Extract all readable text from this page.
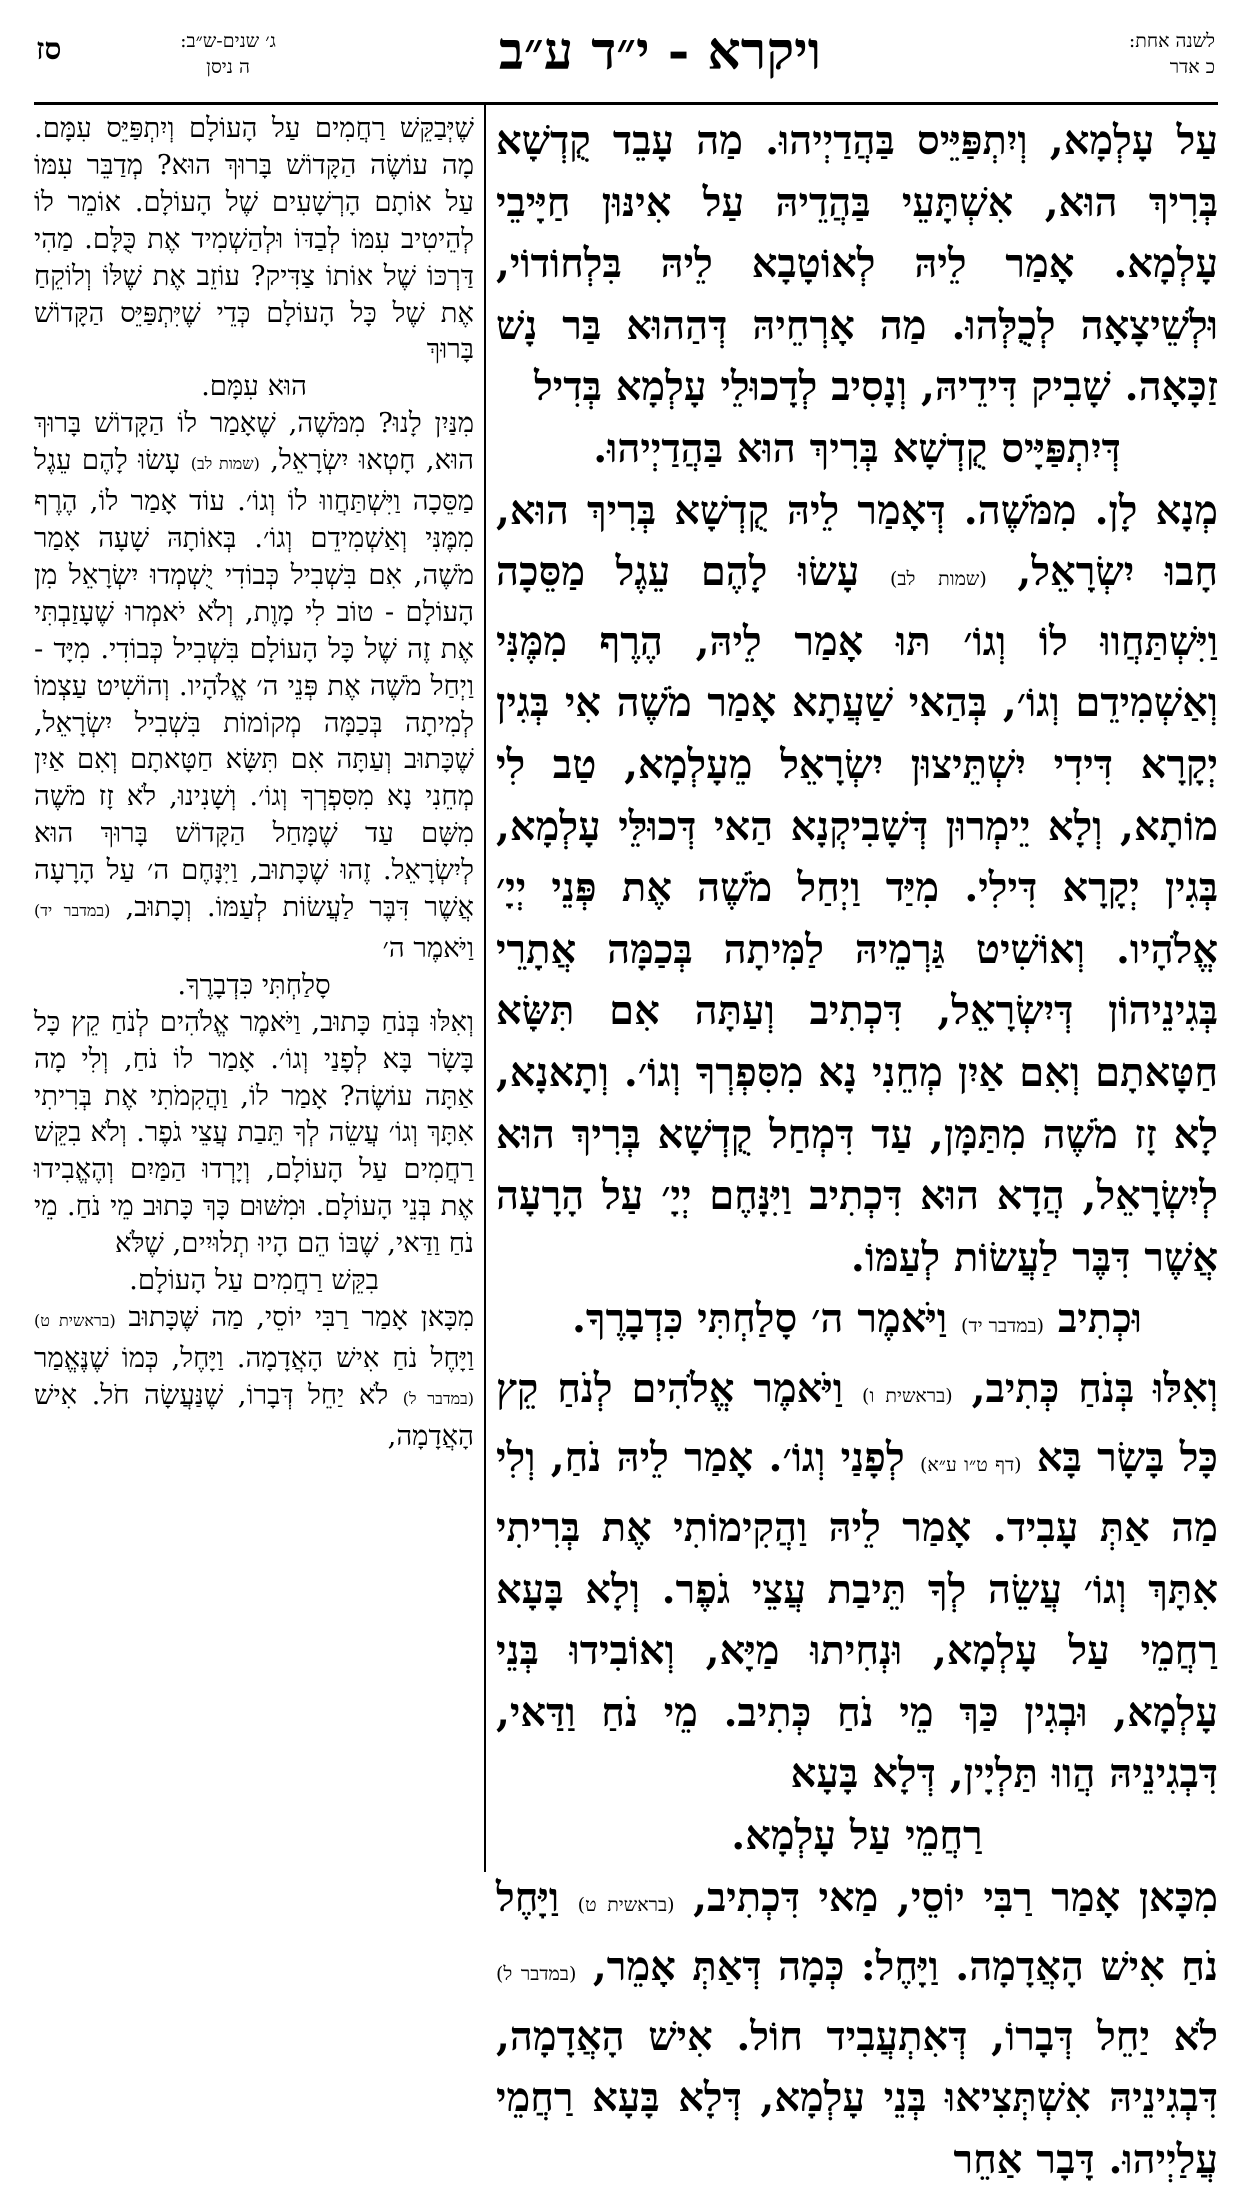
לשנה אחת:
כ אדר
ויקרא - י״ד ע״ב
ג׳ שנים-ש״ב:
ה ניסן
סז

עַל עָלְמָא, וְיִתְפַּיֵּיס בַּהֲדַיְיהוּ. מַה עָבֵד קֻדְשָׁא בְּרִיךְ הוּא, אִשְׁתָּעֵי בַּהֲדֵיהּ עַל אִינּוּן חַיָּיבֵי עָלְמָא. אָמַר לֵיהּ לְאוֹטָבָא לֵיהּ בִּלְחוֹדוֹי, וּלְשֵׁיצָאָה לְכֻלְּהוּ. מַה אָרְחֵיהּ דְּהַהוּא בַּר נָשׁ זַכָּאָה. שָׁבִיק דִּידֵיהּ, וְנָסִיב לְדָכוּלֵי עָלְמָא בְּדִיל

דְּיִתְפַּיָּיס קֻדְשָׁא בְּרִיךְ הוּא בַּהֲדַיְיהוּ.

מְנָא לָן. מִמֹּשֶׁה. דְּאָמַר לֵיהּ קֻדְשָׁא בְּרִיךְ הוּא, חָבוּ יִשְׂרָאֵל, (שמות לב) עָשׂוּ לָהֶם עֵגֶל מַסֵּכָה וַיִּשְׁתַּחֲווּ לוֹ וְגוֹ׳ תּוּ אָמַר לֵיהּ, הֶרֶף מִמֶּנִּי וְאַשְׁמִידֵם וְגוֹ׳, בְּהַאי שַׁעֲתָא אָמַר מֹשֶׁה אִי בְּגִין יְקָרָא דִּידִי יִשְׁתֵּיצוּן יִשְׂרָאֵל מֵעָלְמָא, טַב לִי מוֹתָא, וְלָא יֵימְרוּן דְּשָׁבִיקְנָא הַאי דְּכוּלֵּי עָלְמָא, בְּגִין יְקָרָא דִּילִי. מִיַּד וַיְחַל מֹשֶׁה אֶת פְּנֵי יְיָ׳ אֱלֹהָיו. וְאוֹשִׁיט גַּרְמֵיהּ לַמִּיתָה בְּכַמָּה אֲתָרֵי בְּגִינֵיהוֹן דְּיִשְׂרָאֵל, דִּכְתִיב וְעַתָּה אִם תִּשָּׂא חַטָּאתָם וְאִם אַיִן מְחֵנִי נָא מִסִּפְרְךָ וְגוֹ׳. וְתָאנָא, לָא זָז מֹשֶׁה מִתַּמָּן, עַד דִּמְחַל קֻדְשָׁא בְּרִיךְ הוּא לְיִשְׂרָאֵל, הֲדָא הוּא דִּכְתִיב וַיִּנָּחֶם יְיָ׳ עַל הָרָעָה אֲשֶׁר דִּבֶּר לַעֲשׂוֹת לְעַמּוֹ.

וּכְתִיב (במדבר יד) וַיֹּאמֶר ה׳ סָלַחְתִּי כִּדְבָרֶךָ.

וְאִלּוּ בְּנֹחַ כְּתִיב, (בראשית ו) וַיֹּאמֶר אֱלֹהִים לְנֹחַ קֵץ כָּל בָּשָׂר בָּא (דף ט״ו ע״א) לְפָנַי וְגוֹ׳. אָמַר לֵיהּ נֹחַ, וְלִי מַה אַתְּ עָבִיד. אָמַר לֵיהּ וַהֲקִימוֹתִי אֶת בְּרִיתִי אִתָּךְ וְגוֹ׳ עֲשֵׂה לְךָ תֵּיבַת עֲצֵי גֹפֶר. וְלָא בָּעָא רַחֲמֵי עַל עָלְמָא, וּנְחִיתוּ מַיָּא, וְאוֹבִידוּ בְּנֵי עָלְמָא, וּבְגִין כַּךְ מֵי נֹחַ כְּתִיב. מֵי נֹחַ וַדַּאי, דִּבְגִינֵיהּ הֲווּ תַּלְיָין, דְּלָא בָּעָא

רַחֲמֵי עַל עָלְמָא.

מִכָּאן אָמַר רַבִּי יוֹסֵי, מַאי דִּכְתִיב, (בראשית ט) וַיָּחֶל נֹחַ אִישׁ הָאֲדָמָה. וַיָּחֶל: כְּמָה דְּאַתְּ אָמֵר, (במדבר ל) לֹא יַחֵל דְּבָרוֹ, דְּאִתְעֲבִיד חוֹל. אִישׁ הָאֲדָמָה, דִּבְגִינֵיהּ אִשְׁתְּצִיאוּ בְּנֵי עָלְמָא, דְּלָא בָּעָא רַחֲמֵי עֲלַיְיהוּ. דָּבָר אַחֵר

שֶׁיְּבַקֵּשׁ רַחֲמִים עַל הָעוֹלָם וְיִתְפַּיֵּס עִמָּם. מָה עוֹשֶׂה הַקָּדוֹשׁ בָּרוּךְ הוּא? מְדַבֵּר עִמּוֹ עַל אוֹתָם הָרְשָׁעִים שֶׁל הָעוֹלָם. אוֹמֵר לוֹ לְהֵיטִיב עִמּוֹ לְבַדּוֹ וּלְהַשְׁמִיד אֶת כֻּלָּם. מַהִי דַּרְכּוֹ שֶׁל אוֹתוֹ צַדִּיק? עוֹזֵב אֶת שֶׁלּוֹ וְלוֹקֵחַ אֶת שֶׁל כָּל הָעוֹלָם כְּדֵי שֶׁיִּתְפַּיֵּס הַקָּדוֹשׁ בָּרוּךְ

הוּא עִמָּם.

מִנַּיִן לָנוּ? מִמֹּשֶׁה, שֶׁאָמַר לוֹ הַקָּדוֹשׁ בָּרוּךְ הוּא, חָטְאוּ יִשְׂרָאֵל, (שמות לב) עָשׂוּ לָהֶם עֵגֶל מַסֵּכָה וַיִּשְׁתַּחֲווּ לוֹ וְגוֹ׳. עוֹד אָמַר לוֹ, הֶרֶף מִמֶּנִּי וְאַשְׁמִידֵם וְגוֹ׳. בְּאוֹתָהּ שָׁעָה אָמַר מֹשֶׁה, אִם בִּשְׁבִיל כְּבוֹדִי יֻשְׁמְדוּ יִשְׂרָאֵל מִן הָעוֹלָם - טוֹב לִי מָוֶת, וְלֹא יֹאמְרוּ שֶׁעָזַבְתִּי אֶת זֶה שֶׁל כָּל הָעוֹלָם בִּשְׁבִיל כְּבוֹדִי. מִיָּד - וַיְחַל מֹשֶׁה אֶת פְּנֵי ה׳ אֱלֹהָיו. וְהוֹשִׁיט עַצְמוֹ לְמִיתָה בְּכַמָּה מְקוֹמוֹת בִּשְׁבִיל יִשְׂרָאֵל, שֶׁכָּתוּב וְעַתָּה אִם תִּשָּׂא חַטָּאתָם וְאִם אַיִן מְחֵנִי נָא מִסִּפְרְךָ וְגוֹ׳. וְשָׁנִינוּ, לֹא זָז מֹשֶׁה מִשָּׁם עַד שֶׁמָּחַל הַקָּדוֹשׁ בָּרוּךְ הוּא לְיִשְׂרָאֵל. זֶהוּ שֶׁכָּתוּב, וַיִּנָּחֶם ה׳ עַל הָרָעָה אֲשֶׁר דִּבֶּר לַעֲשׂוֹת לְעַמּוֹ. וְכָתוּב, (במדבר יד) וַיֹּאמֶר ה׳

סָלַחְתִּי כִּדְבָרֶךָ.

וְאִלּוּ בְּנֹחַ כָּתוּב, וַיֹּאמֶר אֱלֹהִים לְנֹחַ קֵץ כָּל בָּשָׂר בָּא לְפָנַי וְגוֹ׳. אָמַר לוֹ נֹחַ, וְלִי מָה אַתָּה עוֹשֶׂה? אָמַר לוֹ, וַהֲקִמֹתִי אֶת בְּרִיתִי אִתָּךְ וְגוֹ׳ עֲשֵׂה לְךָ תֵּבַת עֲצֵי גֹפֶר. וְלֹא בִקֵּשׁ רַחֲמִים עַל הָעוֹלָם, וְיָרְדוּ הַמַּיִם וְהֶאֱבִידוּ אֶת בְּנֵי הָעוֹלָם. וּמִשּׁוּם כָּךְ כָּתוּב מֵי נֹחַ. מֵי נֹחַ וַדַּאי, שֶׁבּוֹ הֵם הָיוּ תְלוּיִים, שֶׁלֹּא

בִקֵּשׁ רַחֲמִים עַל הָעוֹלָם.

מִכָּאן אָמַר רַבִּי יוֹסֵי, מַה שֶּׁכָּתוּב (בראשית ט) וַיָּחֶל נֹחַ אִישׁ הָאֲדָמָה. וַיָּחֶל, כְּמוֹ שֶׁנֶּאֱמַר (במדבר ל) לֹא יַחֵל דְּבָרוֹ, שֶׁנַּעֲשָׂה חֹל. אִישׁ הָאֲדָמָה,
